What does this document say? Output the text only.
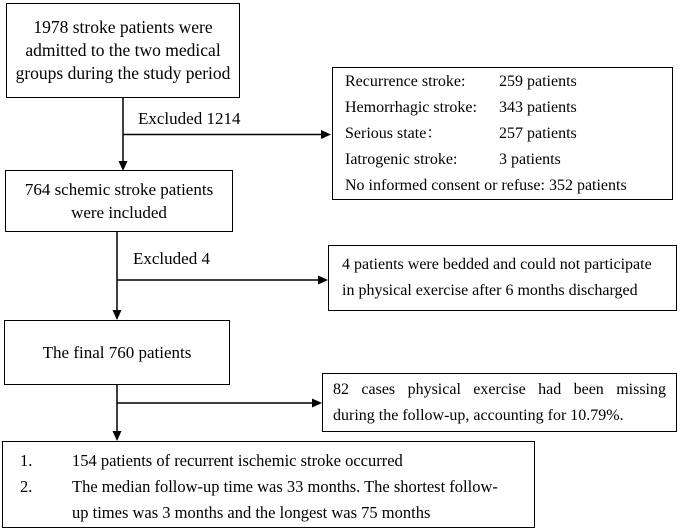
1978 stroke patients were
admitted to the two medical
groups during the study period
Excluded 1214
Recurrence stroke: 259 patients
Hemorrhagic stroke: 343 patients
Serious state：	257 patients
Iatrogenic stroke:	3 patients
No informed consent or refuse: 352 patients
764 schemic stroke patients
were included
Excluded 4	4 patients were bedded and could not participate
in physical exercise after 6 months discharged
The final 760 patients
82 cases physical exercise had been missing
during the follow-up, accounting for 10.79%.
1.	154 patients of recurrent ischemic stroke occurred
2.	The median follow-up time was 33 months. The shortest follow-
up times was 3 months and the longest was 75 months
